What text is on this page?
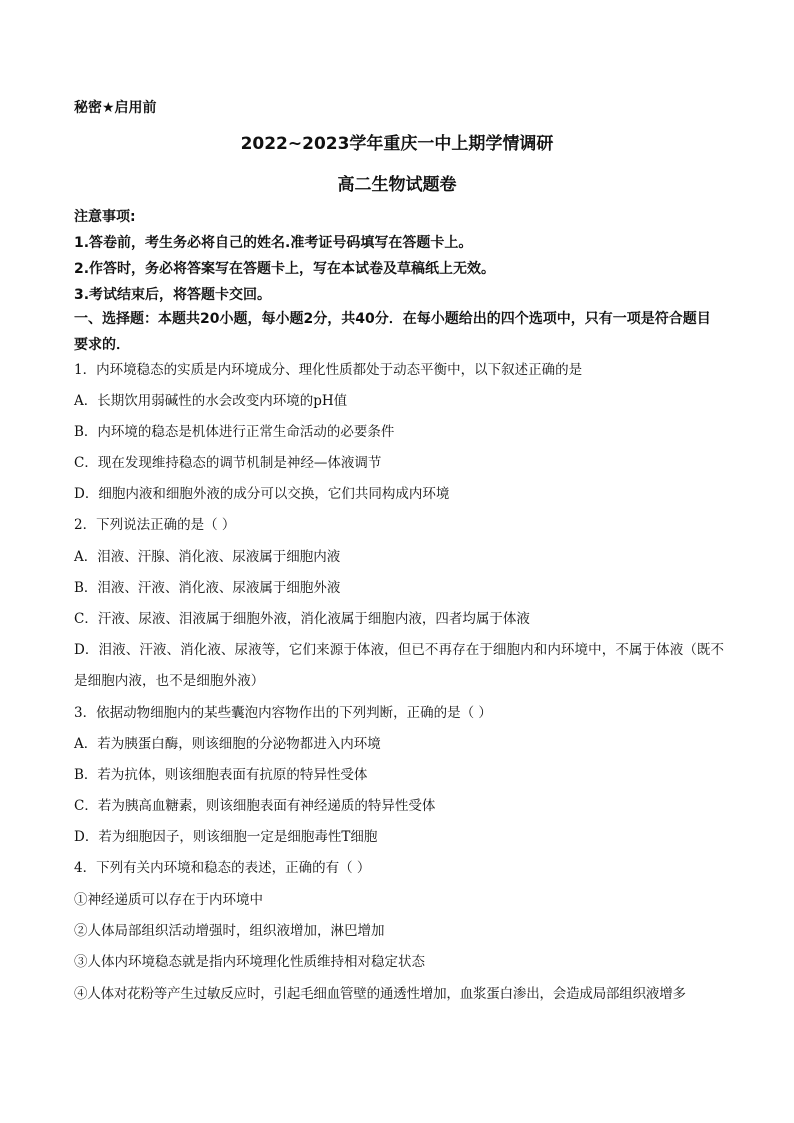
秘密★启用前
2022~2023学年重庆一中上期学情调研
高二生物试题卷
注意事项:
1.答卷前，考生务必将自己的姓名.准考证号码填写在答题卡上。
2.作答时，务必将答案写在答题卡上，写在本试卷及草稿纸上无效。
3.考试结束后，将答题卡交回。
一、选择题：本题共20小题，每小题2分，共40分．在每小题给出的四个选项中，只有一项是符合题目要求的．
1．内环境稳态的实质是内环境成分、理化性质都处于动态平衡中，以下叙述正确的是
A．长期饮用弱碱性的水会改变内环境的pH值
B．内环境的稳态是机体进行正常生命活动的必要条件
C．现在发现维持稳态的调节机制是神经—体液调节
D．细胞内液和细胞外液的成分可以交换，它们共同构成内环境
2．下列说法正确的是（ ）
A．泪液、汗腺、消化液、尿液属于细胞内液
B．泪液、汗液、消化液、尿液属于细胞外液
C．汗液、尿液、泪液属于细胞外液，消化液属于细胞内液，四者均属于体液
D．泪液、汗液、消化液、尿液等，它们来源于体液，但已不再存在于细胞内和内环境中，不属于体液（既不是细胞内液，也不是细胞外液）
3．依据动物细胞内的某些囊泡内容物作出的下列判断，正确的是（ ）
A．若为胰蛋白酶，则该细胞的分泌物都进入内环境
B．若为抗体，则该细胞表面有抗原的特异性受体
C．若为胰高血糖素，则该细胞表面有神经递质的特异性受体
D．若为细胞因子，则该细胞一定是细胞毒性T细胞
4．下列有关内环境和稳态的表述，正确的有（ ）
①神经递质可以存在于内环境中
②人体局部组织活动增强时，组织液增加，淋巴增加
③人体内环境稳态就是指内环境理化性质维持相对稳定状态
④人体对花粉等产生过敏反应时，引起毛细血管壁的通透性增加，血浆蛋白渗出，会造成局部组织液增多
